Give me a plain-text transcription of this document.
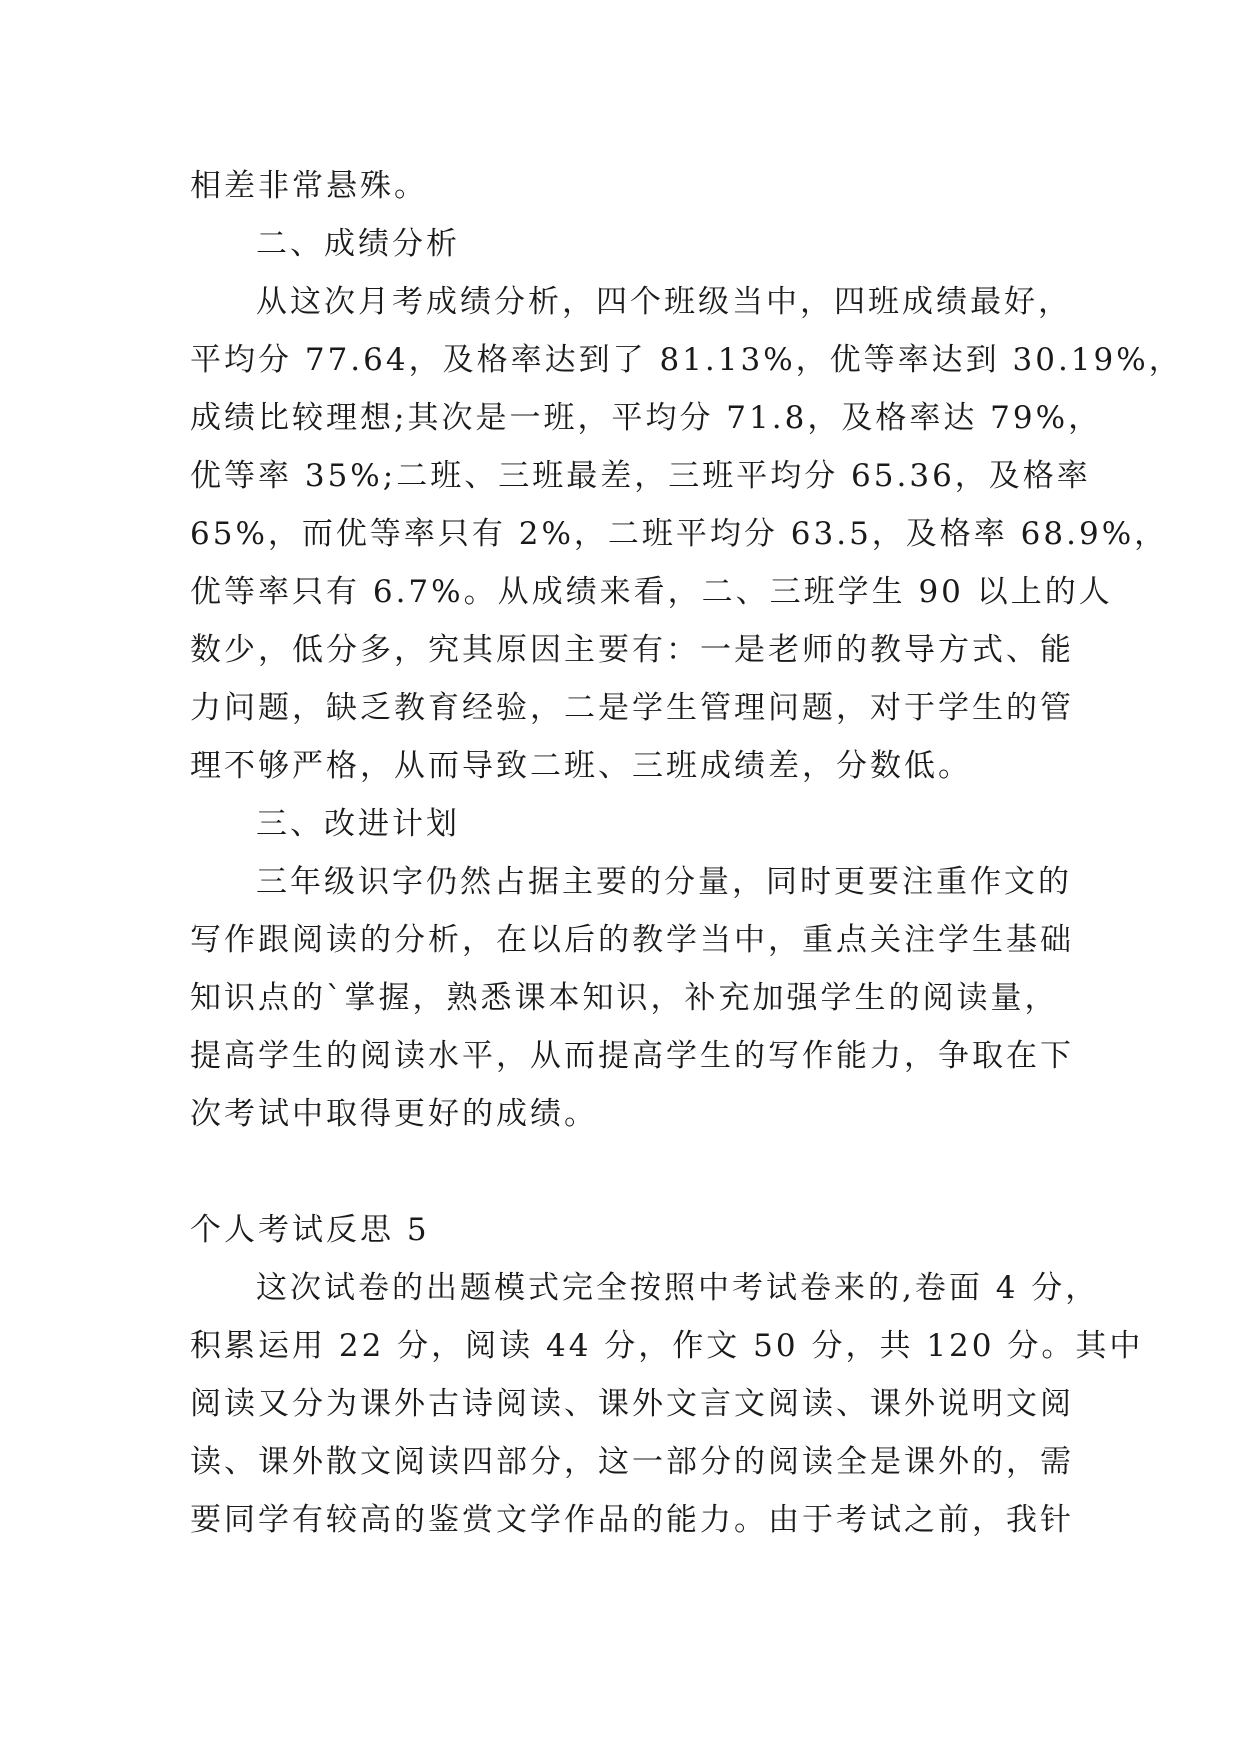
相差非常悬殊。
二、成绩分析
从这次月考成绩分析，四个班级当中，四班成绩最好，
平均分 77.64，及格率达到了 81.13%，优等率达到 30.19%，
成绩比较理想;其次是一班，平均分 71.8，及格率达 79%，
优等率 35%;二班、三班最差，三班平均分 65.36，及格率
65%，而优等率只有 2%，二班平均分 63.5，及格率 68.9%，
优等率只有 6.7%。从成绩来看，二、三班学生 90 以上的人
数少，低分多，究其原因主要有：一是老师的教导方式、能
力问题，缺乏教育经验，二是学生管理问题，对于学生的管
理不够严格，从而导致二班、三班成绩差，分数低。
三、改进计划
三年级识字仍然占据主要的分量，同时更要注重作文的
写作跟阅读的分析，在以后的教学当中，重点关注学生基础
知识点的`掌握，熟悉课本知识，补充加强学生的阅读量，
提高学生的阅读水平，从而提高学生的写作能力，争取在下
次考试中取得更好的成绩。
个人考试反思 5
这次试卷的出题模式完全按照中考试卷来的,卷面 4 分，
积累运用 22 分，阅读 44 分，作文 50 分，共 120 分。其中
阅读又分为课外古诗阅读、课外文言文阅读、课外说明文阅
读、课外散文阅读四部分，这一部分的阅读全是课外的，需
要同学有较高的鉴赏文学作品的能力。由于考试之前，我针
